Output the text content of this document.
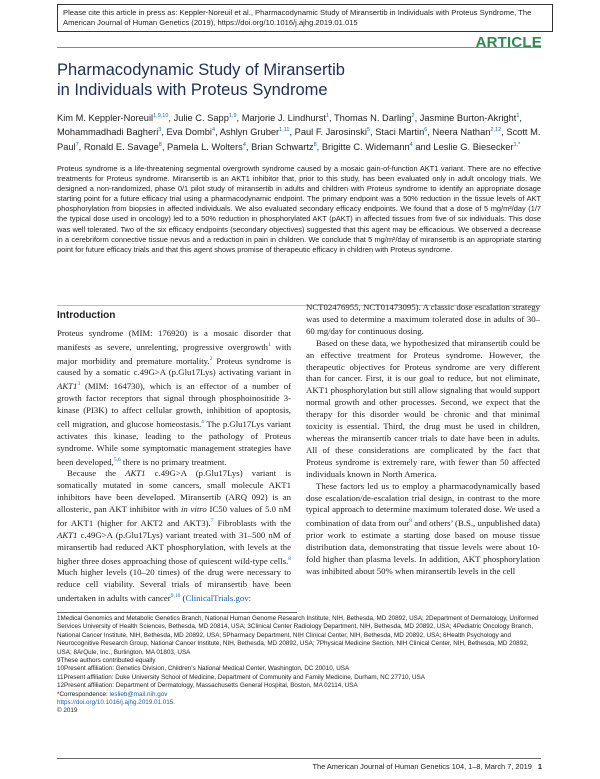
Please cite this article in press as: Keppler-Noreuil et al., Pharmacodynamic Study of Miransertib in Individuals with Proteus Syndrome, The American Journal of Human Genetics (2019), https://doi.org/10.1016/j.ajhg.2019.01.015
ARTICLE
Pharmacodynamic Study of Miransertib
in Individuals with Proteus Syndrome
Kim M. Keppler-Noreuil$^{1,9,10}$, Julie C. Sapp$^{1,9}$, Marjorie J. Lindhurst$^1$, Thomas N. Darling$^2$, Jasmine Burton-Akright$^1$, Mohammadhadi Bagheri$^3$, Eva Dombi$^4$, Ashlyn Gruber$^{1,11}$, Paul F. Jarosinski$^5$, Staci Martin$^6$, Neera Nathan$^{2,12}$, Scott M. Paul$^7$, Ronald E. Savage$^8$, Pamela L. Wolters$^4$, Brian Schwartz$^8$, Brigitte C. Widemann$^4$ and Leslie G. Biesecker$^{1,*}$

Proteus syndrome is a life-threatening segmental overgrowth syndrome caused by a mosaic gain-of-function AKT1 variant. There are no effective treatments for Proteus syndrome. Miransertib is an AKT1 inhibitor that, prior to this study, has been evaluated only in adult oncology trials. We designed a non-randomized, phase 0/1 pilot study of miransertib in adults and children with Proteus syndrome to identify an appropriate dosage starting point for a future efficacy trial using a pharmacodynamic endpoint. The primary endpoint was a 50% reduction in the tissue levels of AKT phosphorylation from biopsies in affected individuals. We also evaluated secondary efficacy endpoints. We found that a dose of 5 mg/m²/day (1/7 the typical dose used in oncology) led to a 50% reduction in phosphorylated AKT (pAKT) in affected tissues from five of six individuals. This dose was well tolerated. Two of the six efficacy endpoints (secondary objectives) suggested that this agent may be efficacious. We observed a decrease in a cerebriform connective tissue nevus and a reduction in pain in children. We conclude that 5 mg/m²/day of miransertib is an appropriate starting point for future efficacy trials and that this agent shows promise of therapeutic efficacy in children with Proteus syndrome.

Introduction

Proteus syndrome (MIM: 176920) is a mosaic disorder that manifests as severe, unrelenting, progressive overgrowth$^1$ with major morbidity and premature mortality.$^2$ Proteus syndrome is caused by a somatic c.49G>A (p.Glu17Lys) activating variant in $AKT1^3$ (MIM: 164730), which is an effector of a number of growth factor receptors that signal through phosphoinositide 3-kinase (PI3K) to affect cellular growth, inhibition of apoptosis, cell migration, and glucose homeostasis.$^4$ The p.Glu17Lys variant activates this kinase, leading to the pathology of Proteus syndrome. While some symptomatic management strategies have been developed,$^{5,6}$ there is no primary treatment.

Because the AKT1 c.49G>A (p.Glu17Lys) variant is somatically mutated in some cancers, small molecule AKT1 inhibitors have been developed. Miransertib (ARQ 092) is an allosteric, pan AKT inhibitor with in vitro IC50 values of 5.0 nM for AKT1 (higher for AKT2 and AKT3).$^7$ Fibroblasts with the AKT1 c.49G>A (p.Glu17Lys) variant treated with 31–500 nM of miransertib had reduced AKT phosphorylation, with levels at the higher three doses approaching those of quiescent wild-type cells.$^8$ Much higher levels (10–20 times) of the drug were necessary to reduce cell viability. Several trials of miransertib have been undertaken in adults with cancer$^{9,10}$ (ClinicalTrials.gov:

NCT02476955, NCT01473095). A classic dose escalation strategy was used to determine a maximum tolerated dose in adults of 30–60 mg/day for continuous dosing.

Based on these data, we hypothesized that miransertib could be an effective treatment for Proteus syndrome. However, the therapeutic objectives for Proteus syndrome are very different than for cancer. First, it is our goal to reduce, but not eliminate, AKT1 phosphorylation but still allow signaling that would support normal growth and other processes. Second, we expect that the therapy for this disorder would be chronic and that minimal toxicity is essential. Third, the drug must be used in children, whereas the miransertib cancer trials to date have been in adults. All of these considerations are complicated by the fact that Proteus syndrome is extremely rare, with fewer than 50 affected individuals known in North America.

These factors led us to employ a pharmacodynamically based dose escalation/de-escalation trial design, in contrast to the more typical approach to determine maximum tolerated dose. We used a combination of data from our$^8$ and others’ (B.S., unpublished data) prior work to estimate a starting dose based on mouse tissue distribution data, demonstrating that tissue levels were about 10-fold higher than plasma levels. In addition, AKT phosphorylation was inhibited about 50% when miransertib levels in the cell

1Medical Genomics and Metabolic Genetics Branch, National Human Genome Research Institute, NIH, Bethesda, MD 20892, USA; 2Department of Dermatology, Uniformed Services University of Health Sciences, Bethesda, MD 20814, USA; 3Clinical Center Radiology Department, NIH, Bethesda, MD 20892, USA; 4Pediatric Oncology Branch, National Cancer Institute, NIH, Bethesda, MD 20892, USA; 5Pharmacy Department, NIH Clinical Center, NIH, Bethesda, MD 20892, USA; 6Health Psychology and Neurocognitive Research Group, National Cancer Institute, NIH, Bethesda, MD 20892, USA; 7Physical Medicine Section, NIH Clinical Center, NIH, Bethesda, MD 20892, USA; 8ArQule, Inc., Burlington, MA 01803, USA

9These authors contributed equally

10Present affiliation: Genetics Division, Children’s National Medical Center, Washington, DC 20010, USA

11Present affiliation: Duke University School of Medicine, Department of Community and Family Medicine, Durham, NC 27710, USA

12Present affiliation: Department of Dermatology, Massachusetts General Hospital, Boston, MA 02114, USA

*Correspondence: leslieb@mail.nih.gov

https://doi.org/10.1016/j.ajhg.2019.01.015.

© 2019

The American Journal of Human Genetics 104, 1–8, March 7, 2019 1
